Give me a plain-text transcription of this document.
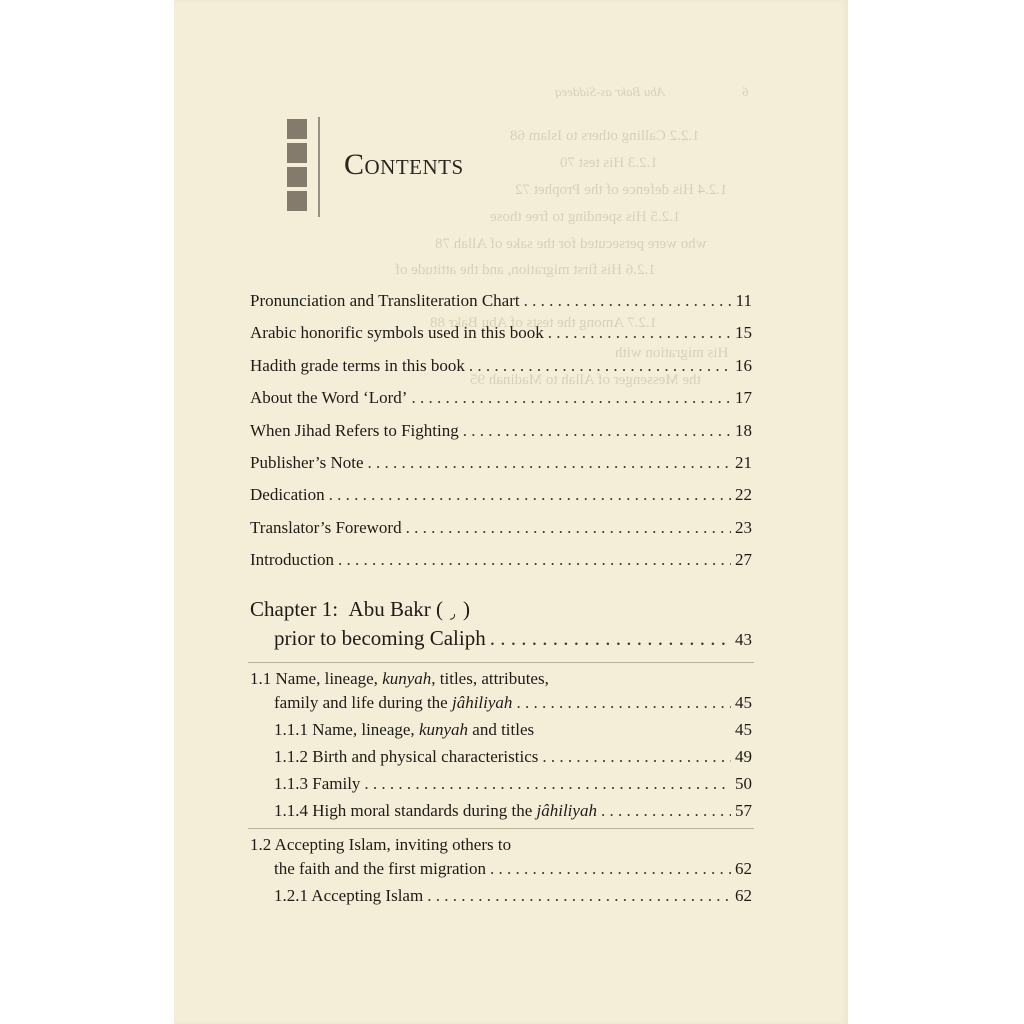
Abu Bakr as-Siddeeq	6
1.2.2 Calling others to Islam 68
1.2.3 His test 70
1.2.4 His defence of the Prophet 72
1.2.5 His spending to free those
who were persecuted for the sake of Allah 78
1.2.6 His first migration, and the attitude of
1.2.7 Among the tests of Abu Bakr 88
His migration with
the Messenger of Allah to Madinah 95
Contents
Pronunciation and Transliteration Chart . . .	11
Arabic honorific symbols used in this book . . .	15
Hadith grade terms in this book . . .	16
About the Word ‘Lord’ . . .	17
When Jihad Refers to Fighting . . .	18
Publisher’s Note . . .	21
Dedication . . .	22
Translator’s Foreword . . .	23
Introduction . . .	27
Chapter 1: Abu Bakr ( ر )
prior to becoming Caliph . . .	43
1.1 Name, lineage, kunyah, titles, attributes,
family and life during the jâhiliyah . . .	45
1.1.1 Name, lineage, kunyah and titles	45
1.1.2 Birth and physical characteristics . . .	49
1.1.3 Family . . .	50
1.1.4 High moral standards during the jâhiliyah . . .	57
1.2 Accepting Islam, inviting others to
the faith and the first migration . . .	62
1.2.1 Accepting Islam . . .	62
